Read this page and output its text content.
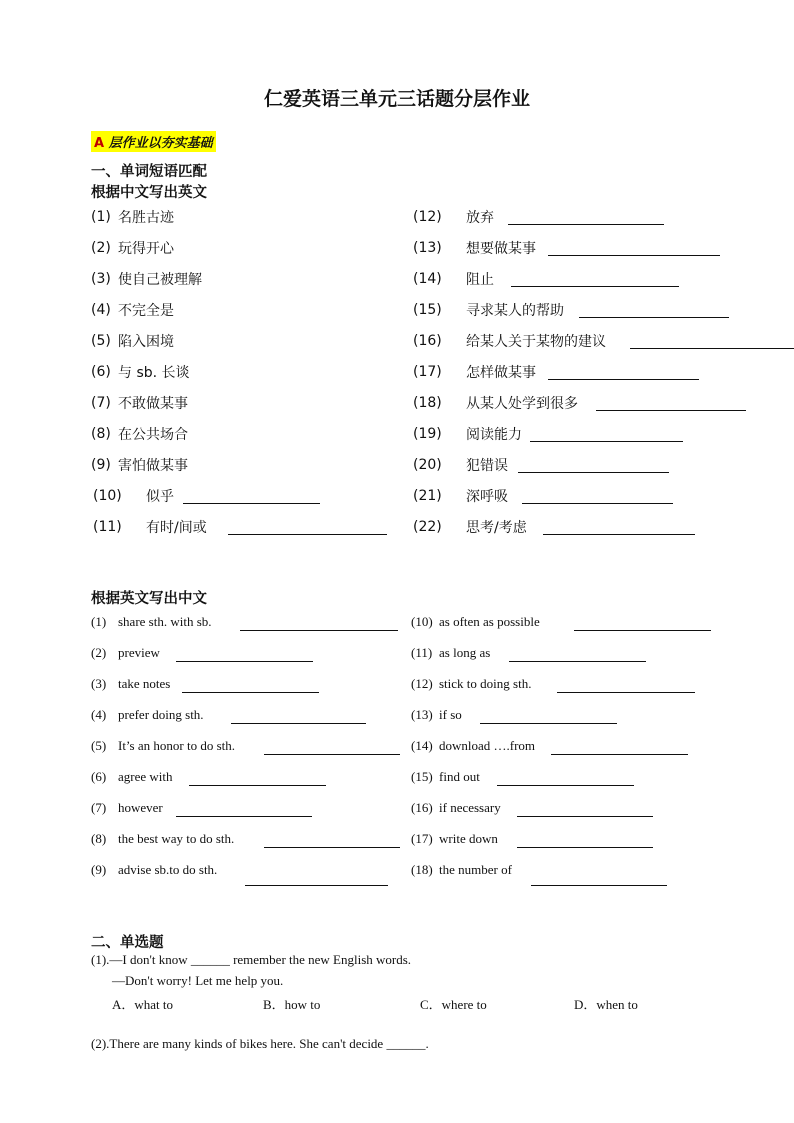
仁爱英语三单元三话题分层作业
A 层作业以夯实基础
一、单词短语匹配
根据中文写出英文
(1) 名胜古迹
(2) 玩得开心
(3) 使自己被理解
(4) 不完全是
(5) 陷入困境
(6) 与 sb. 长谈
(7) 不敢做某事
(8) 在公共场合
(9) 害怕做某事
(10) 似乎
(11) 有时/间或
(12) 放弃
(13) 想要做某事
(14) 阻止
(15) 寻求某人的帮助
(16) 给某人关于某物的建议
(17) 怎样做某事
(18) 从某人处学到很多
(19) 阅读能力
(20) 犯错误
(21) 深呼吸
(22) 思考/考虑
根据英文写出中文
(1) share sth. with sb.
(2) preview
(3) take notes
(4) prefer doing sth.
(5) It’s an honor to do sth.
(6) agree with
(7) however
(8) the best way to do sth.
(9) advise sb.to do sth.
(10) as often as possible
(11) as long as
(12) stick to doing sth.
(13) if so
(14) download ….from
(15) find out
(16) if necessary
(17) write down
(18) the number of
二、单选题
(1).—I don't know ______ remember the new English words.
—Don't worry! Let me help you.
A．what to	B．how to	C．where to	D．when to
(2).There are many kinds of bikes here. She can't decide ______.
